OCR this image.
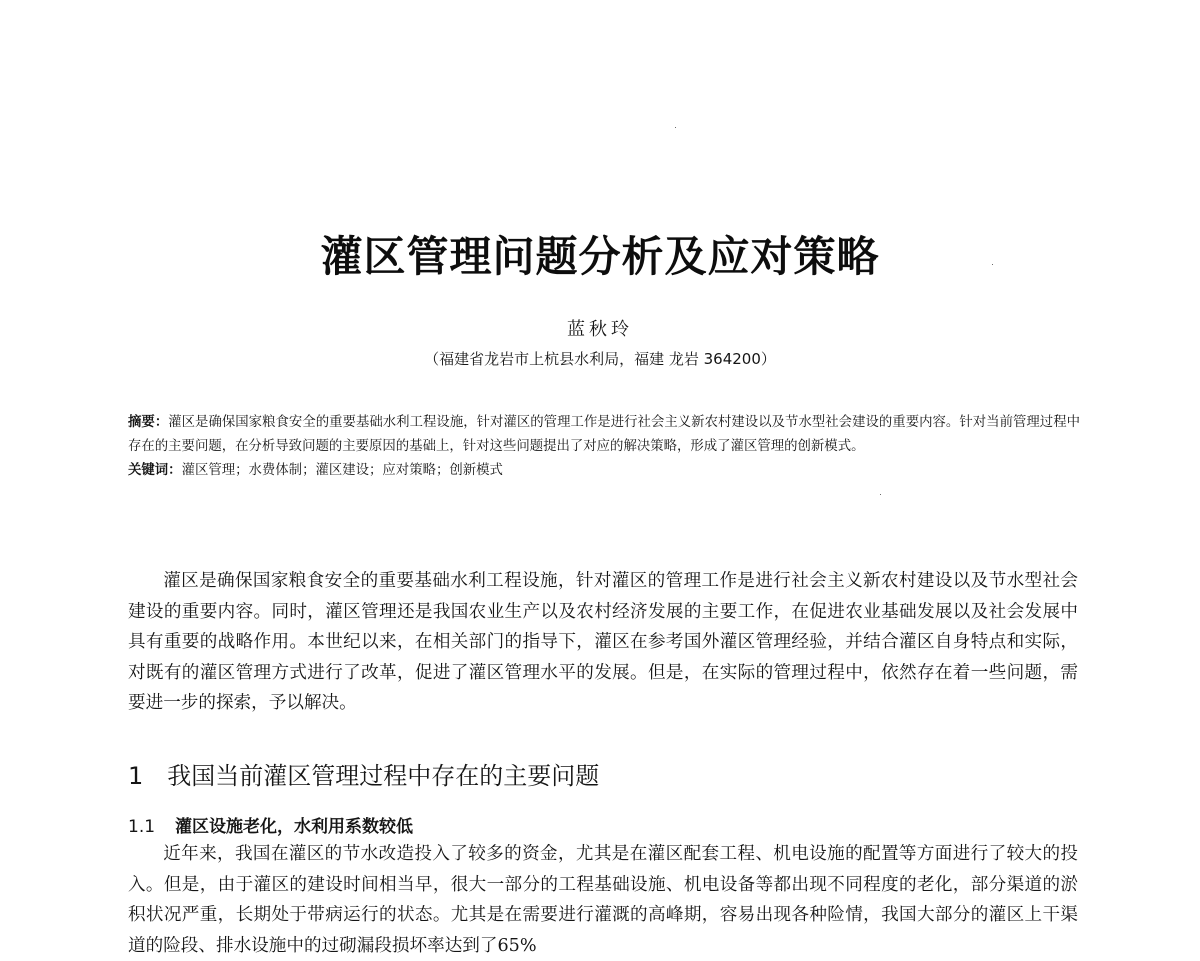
灌区管理问题分析及应对策略
蓝秋玲
（福建省龙岩市上杭县水利局，福建 龙岩 364200）

摘要：灌区是确保国家粮食安全的重要基础水利工程设施，针对灌区的管理工作是进行社会主义新农村建设以及节水型社会建设的重要内容。针对当前管理过程中存在的主要问题，在分析导致问题的主要原因的基础上，针对这些问题提出了对应的解决策略，形成了灌区管理的创新模式。

关键词：灌区管理；水费体制；灌区建设；应对策略；创新模式

灌区是确保国家粮食安全的重要基础水利工程设施，针对灌区的管理工作是进行社会主义新农村建设以及节水型社会建设的重要内容。同时，灌区管理还是我国农业生产以及农村经济发展的主要工作，在促进农业基础发展以及社会发展中具有重要的战略作用。本世纪以来，在相关部门的指导下，灌区在参考国外灌区管理经验，并结合灌区自身特点和实际，对既有的灌区管理方式进行了改革，促进了灌区管理水平的发展。但是，在实际的管理过程中，依然存在着一些问题，需要进一步的探索，予以解决。

1 我国当前灌区管理过程中存在的主要问题
1.1 灌区设施老化，水利用系数较低

近年来，我国在灌区的节水改造投入了较多的资金，尤其是在灌区配套工程、机电设施的配置等方面进行了较大的投入。但是，由于灌区的建设时间相当早，很大一部分的工程基础设施、机电设备等都出现不同程度的老化，部分渠道的淤积状况严重，长期处于带病运行的状态。尤其是在需要进行灌溉的高峰期，容易出现各种险情，我国大部分的灌区上干渠道的险段、排水设施中的过砌漏段损坏率达到了65%
